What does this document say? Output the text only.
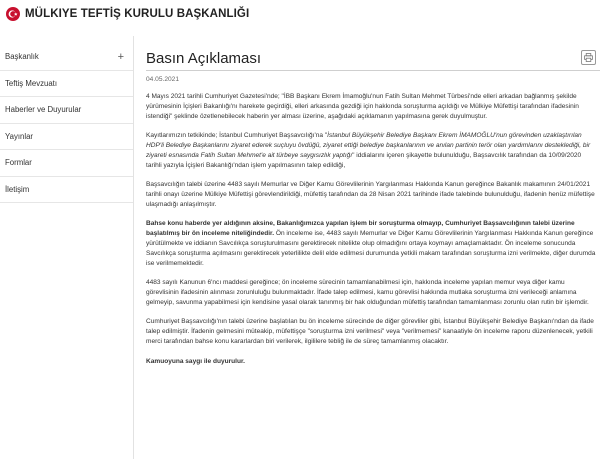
MÜLKIYE TEFTİŞ KURULU BAŞKANLIĞI
Başkanlık	+
Teftiş Mevzuatı
Haberler ve Duyurular
Yayınlar
Formlar
İletişim
Basın Açıklaması
04.05.2021

4 Mayıs 2021 tarihli Cumhuriyet Gazetesi'nde; "İBB Başkanı Ekrem İmamoğlu'nun Fatih Sultan Mehmet Türbesi'nde elleri arkadan bağlanmış şekilde yürümesinin İçişleri Bakanlığı'nı harekete geçirdiği, elleri arkasında gezdiği için hakkında soruşturma açıldığı ve Mülkiye Müfettişi tarafından ifadesinin istendiği" şeklinde özetlenebilecek haberin yer alması üzerine, aşağıdaki açıklamanın yapılmasına gerek duyulmuştur.

Kayıtlarımızın tetkikinde; İstanbul Cumhuriyet Başsavcılığı'na "İstanbul Büyükşehir Belediye Başkanı Ekrem İMAMOĞLU'nun görevinden uzaklaştırılan HDP'li Belediye Başkanlarını ziyaret ederek suçluyu övdüğü, ziyaret ettiği belediye başkanlarının ve anılan partinin terör olan yardımlarını desteklediği, bir ziyareti esnasında Fatih Sultan Mehmet'e ait türbeye saygısızlık yaptığı" iddialarını içeren şikayette bulunulduğu, Başsavcılık tarafından da 10/09/2020 tarihli yazıyla İçişleri Bakanlığı'ndan işlem yapılmasının talep edildiği,

Başsavcılığın talebi üzerine 4483 sayılı Memurlar ve Diğer Kamu Görevlilerinin Yargılanması Hakkında Kanun gereğince Bakanlık makamının 24/01/2021 tarihli onayı üzerine Mülkiye Müfettişi görevlendirildiği, müfettiş tarafından da 28 Nisan 2021 tarihinde ifade talebinde bulunulduğu, ifadenin henüz müfettişe ulaşmadığı anlaşılmıştır.

Bahse konu haberde yer aldığının aksine, Bakanlığımızca yapılan işlem bir soruşturma olmayıp, Cumhuriyet Başsavcılığının talebi üzerine başlatılmış bir ön inceleme niteliğindedir. Ön inceleme ise, 4483 sayılı Memurlar ve Diğer Kamu Görevlilerinin Yargılanması Hakkında Kanun gereğince yürütülmekte ve iddianın Savcılıkça soruşturulmasını gerektirecek nitelikte olup olmadığını ortaya koymayı amaçlamaktadır. Ön inceleme sonucunda Savcılıkça soruşturma açılmasını gerektirecek yeterlilikte delil elde edilmesi durumunda yetkili makam tarafından soruşturma izni verilmekte, diğer durumda ise verilmemektedir.

4483 sayılı Kanunun 6'ncı maddesi gereğince; ön inceleme sürecinin tamamlanabilmesi için, hakkında inceleme yapılan memur veya diğer kamu görevlisinin ifadesinin alınması zorunluluğu bulunmaktadır. İfade talep edilmesi, kamu görevlisi hakkında mutlaka soruşturma izni verileceği anlamına gelmeyip, savunma yapabilmesi için kendisine yasal olarak tanınmış bir hak olduğundan müfettiş tarafından tamamlanması zorunlu olan rutin bir işlemdir.

Cumhuriyet Başsavcılığı'nın talebi üzerine başlatılan bu ön inceleme sürecinde de diğer görevliler gibi, İstanbul Büyükşehir Belediye Başkanı'ndan da ifade talep edilmiştir. İfadenin gelmesini müteakip, müfettişçe "soruşturma izni verilmesi" veya "verilmemesi" kanaatiyle ön inceleme raporu düzenlenecek, yetkili merci tarafından bahse konu kararlardan biri verilerek, ilgililere tebliğ ile de süreç tamamlanmış olacaktır.

Kamuoyuna saygı ile duyurulur.
